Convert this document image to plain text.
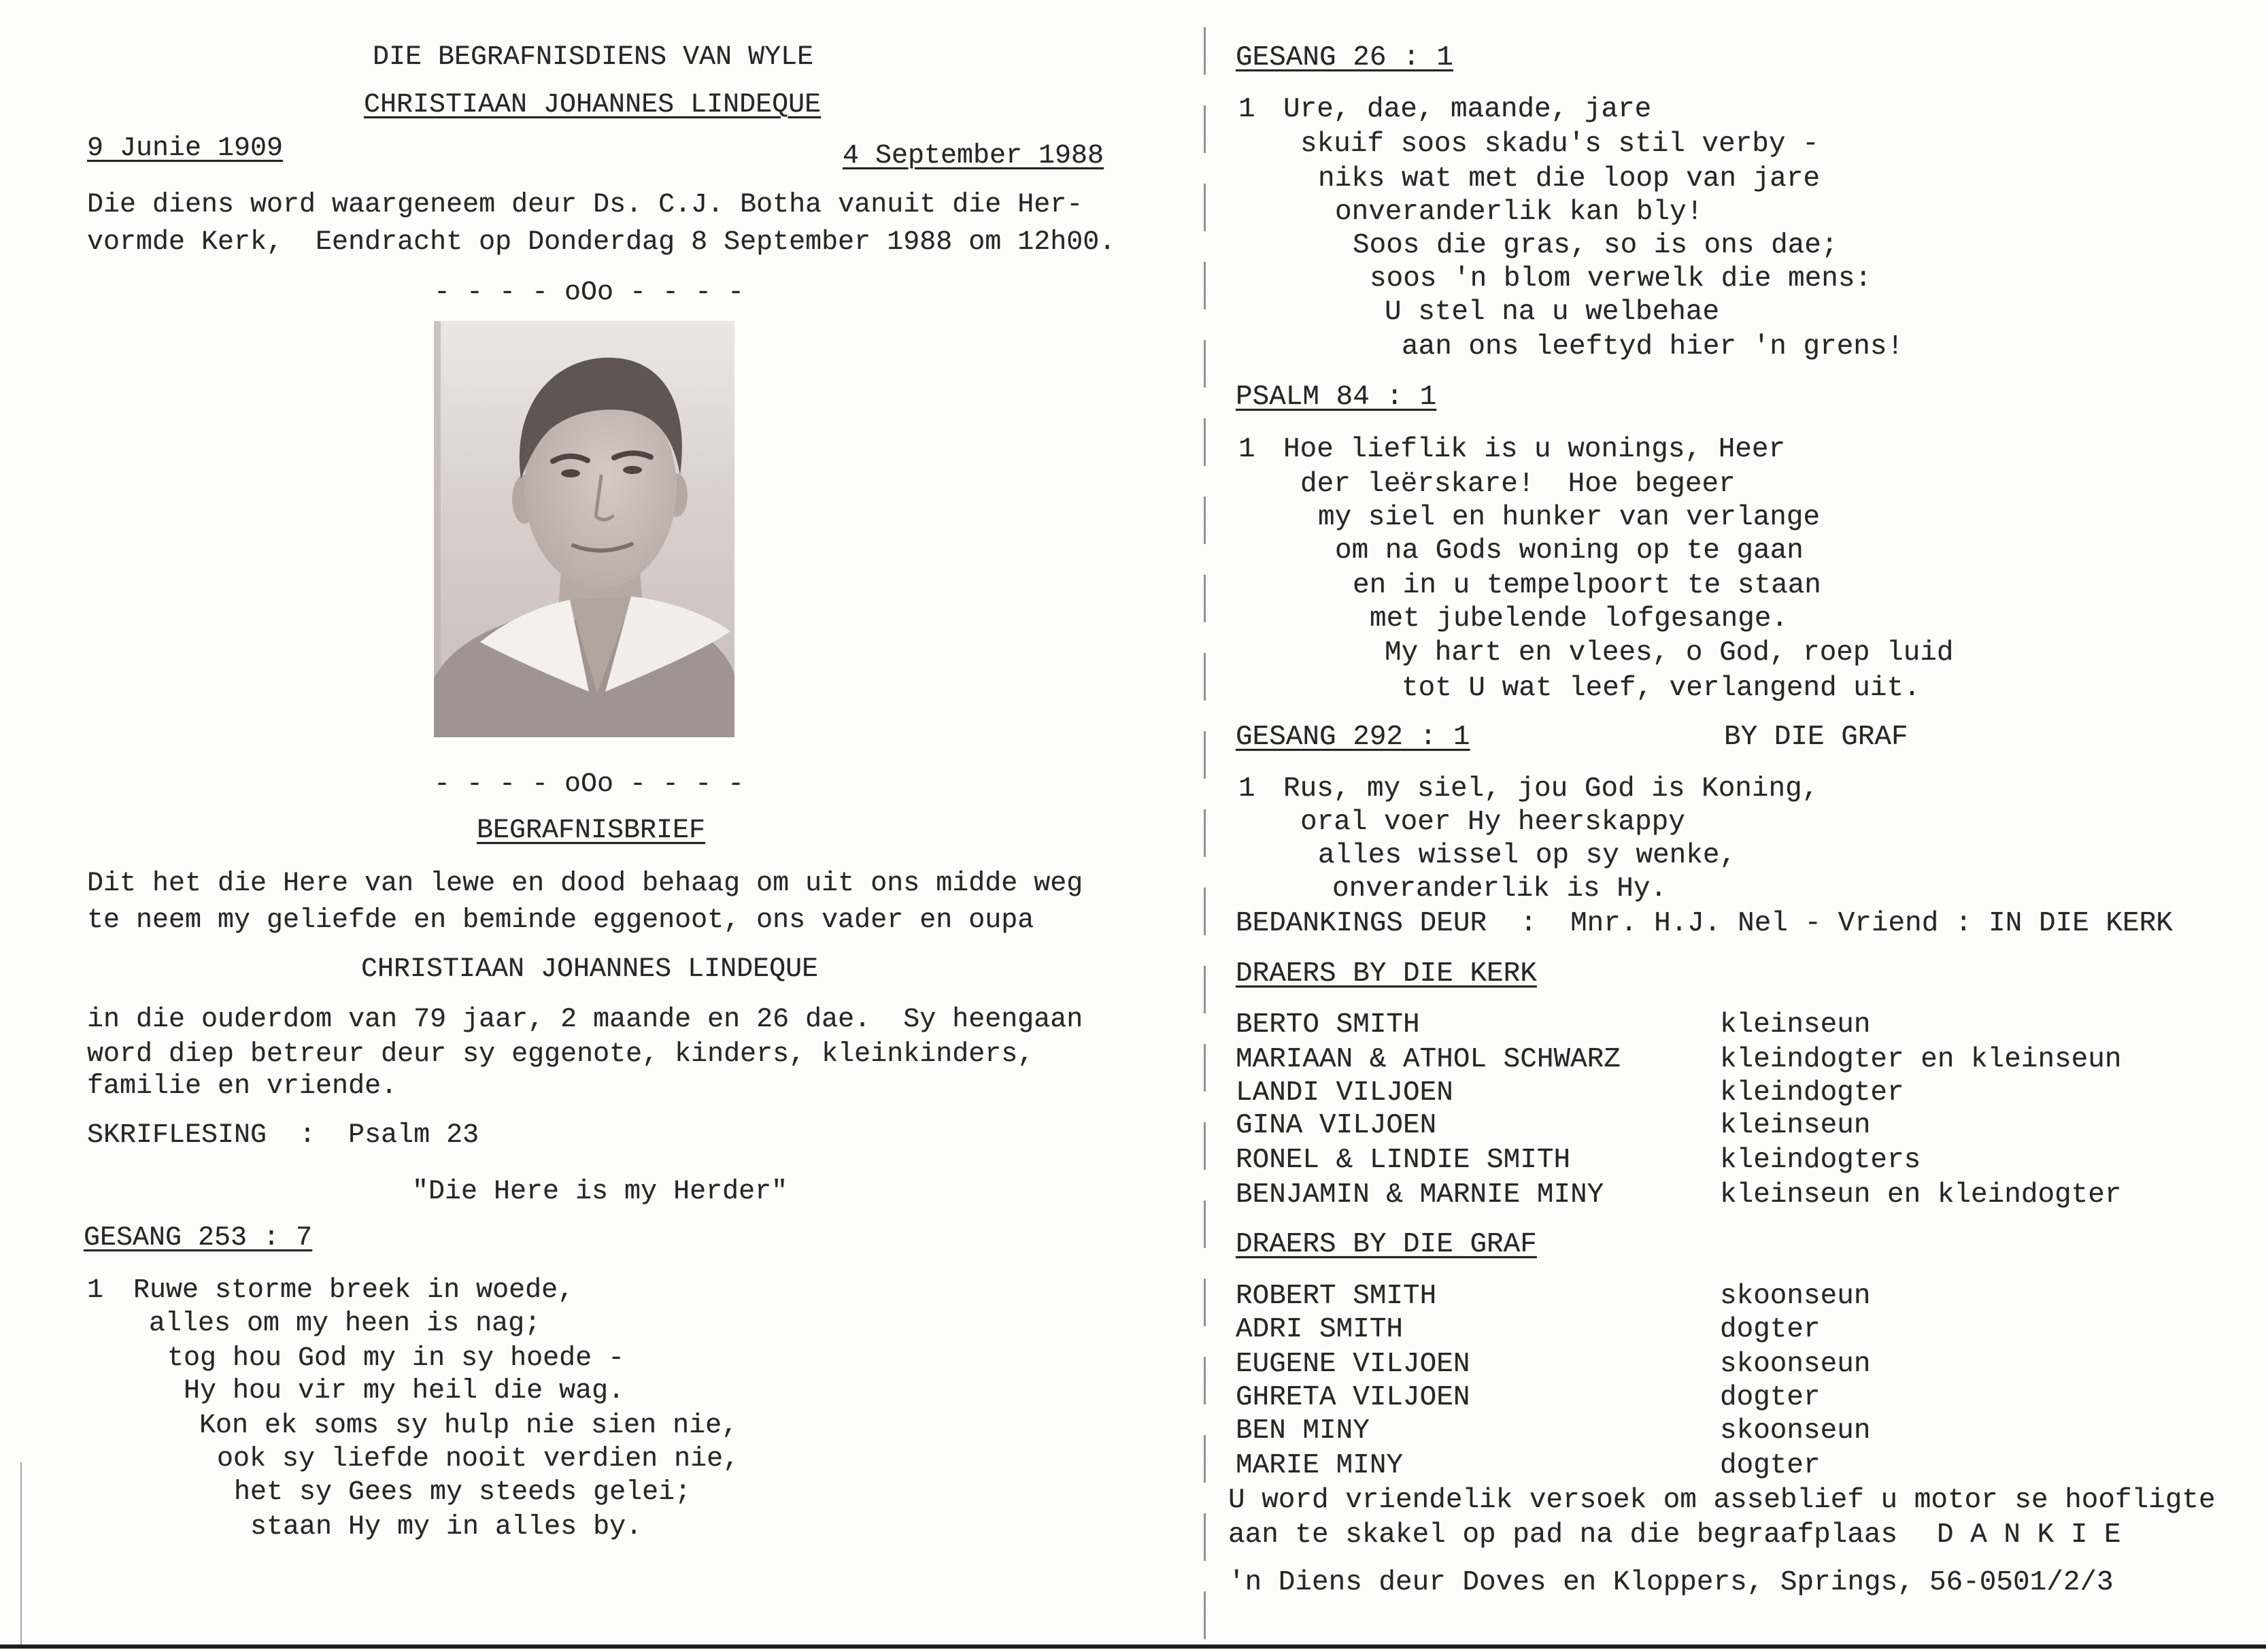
DIE BEGRAFNISDIENS VAN WYLE
CHRISTIAAN JOHANNES LINDEQUE
9 Junie 1909	4 September 1988
Die diens word waargeneem deur Ds. C.J. Botha vanuit die Her-
vormde Kerk,  Eendracht op Donderdag 8 September 1988 om 12h00.
- - - - oOo - - - -
- - - - oOo - - - -
BEGRAFNISBRIEF
Dit het die Here van lewe en dood behaag om uit ons midde weg
te neem my geliefde en beminde eggenoot, ons vader en oupa
CHRISTIAAN JOHANNES LINDEQUE
in die ouderdom van 79 jaar, 2 maande en 26 dae.  Sy heengaan
word diep betreur deur sy eggenote, kinders, kleinkinders,
familie en vriende.
SKRIFLESING  :  Psalm 23
"Die Here is my Herder"
GESANG 253 : 7
1 Ruwe storme breek in woede,
alles om my heen is nag;
tog hou God my in sy hoede -
Hy hou vir my heil die wag.
Kon ek soms sy hulp nie sien nie,
ook sy liefde nooit verdien nie,
het sy Gees my steeds gelei;
staan Hy my in alles by.
GESANG 26 : 1
1 Ure, dae, maande, jare
skuif soos skadu's stil verby -
niks wat met die loop van jare
onveranderlik kan bly!
Soos die gras, so is ons dae;
soos 'n blom verwelk die mens:
U stel na u welbehae
aan ons leeftyd hier 'n grens!
PSALM 84 : 1
1 Hoe lieflik is u wonings, Heer
der leërskare!  Hoe begeer
my siel en hunker van verlange
om na Gods woning op te gaan
en in u tempelpoort te staan
met jubelende lofgesange.
My hart en vlees, o God, roep luid
tot U wat leef, verlangend uit.
GESANG 292 : 1	BY DIE GRAF
1 Rus, my siel, jou God is Koning,
oral voer Hy heerskappy
alles wissel op sy wenke,
onveranderlik is Hy.
BEDANKINGS DEUR  :  Mnr. H.J. Nel - Vriend : IN DIE KERK
DRAERS BY DIE KERK
BERTO SMITH	kleinseun
MARIAAN & ATHOL SCHWARZ	kleindogter en kleinseun
LANDI VILJOEN	kleindogter
GINA VILJOEN	kleinseun
RONEL & LINDIE SMITH	kleindogters
BENJAMIN & MARNIE MINY	kleinseun en kleindogter
DRAERS BY DIE GRAF
ROBERT SMITH	skoonseun
ADRI SMITH	dogter
EUGENE VILJOEN	skoonseun
GHRETA VILJOEN	dogter
BEN MINY	skoonseun
MARIE MINY	dogter
U word vriendelik versoek om asseblief u motor se hoofligte
aan te skakel op pad na die begraafplaas D A N K I E
'n Diens deur Doves en Kloppers, Springs, 56-0501/2/3
